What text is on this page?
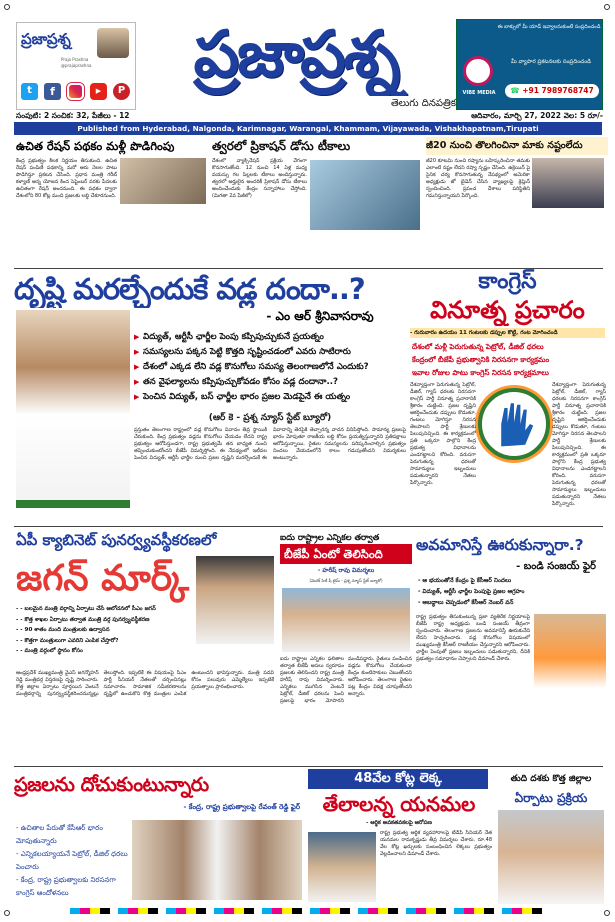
ప్రజాప్రశ్న
Praja Prashna
@prajaprashna
t	f	▶	P	ప్రజాప్రశ్న
తెలుగు దినపత్రిక
ఈ బాక్సులో మీ యాడ్ ఇవ్వాలనుకుంటే సంప్రదించండి
VIBE MEDIA
మీ వ్యాపార ప్రకటనలకు సంప్రదించండి
☎ +91 7989768747
సంపుటి: 2 సంచిక: 32, పేజీలు - 12	ఆదివారం, మార్చి 27, 2022 వెల: 5 రూ/-
Published from Hyderabad, Nalgonda, Karimnagar, Warangal, Khammam, Vijayawada, Vishakhapatnam,Tirupati
ఉచిత రేషన్ పథకం మళ్లీ పొడిగింపు
కేంద్ర ప్రభుత్వం కీలక నిర్ణయం తీసుకుంది. ఉచిత రేషన్ పంపిణీ పథకాన్ని మరో ఆరు నెలల పాటు పొడిగిస్తూ ప్రకటన చేసింది. ప్రధాన మంత్రి గరీబ్ కళ్యాణ్ అన్న యోజన కింద సెప్టెంబర్ వరకు పేదలకు ఉచితంగా రేషన్ అందనుంది. ఈ పథకం ద్వారా దేశంలోని 80 కోట్ల మంది ప్రజలకు లబ్ధి చేకూరనుంది.
త్వరలో ప్రికాషన్ డోసు టీకాలు
దేశంలో వ్యాక్సినేషన్ ప్రక్రియ వేగంగా కొనసాగుతోంది. 12 నుంచి 14 ఏళ్ల మధ్య వయస్సు గల పిల్లలకు టీకాలు అందిస్తున్నారు. త్వరలో అర్హులైన అందరికీ ప్రికాషన్ డోసు టీకాలు అందించేందుకు కేంద్రం సన్నాహాలు చేస్తోంది. (మిగతా 2వ పేజీలో)
జీ20 నుంచి తొలగించినా మాకు నష్టంలేదు
జీ20 కూటమి నుంచి రష్యాను బహిష్కరించినా తమకు ఎలాంటి నష్టం లేదని రష్యా స్పష్టం చేసింది. ఉక్రెయిన్ పై సైనిక చర్య కొనసాగుతున్న నేపథ్యంలో అమెరికా అధ్యక్షుడు జో బైడెన్ చేసిన వ్యాఖ్యలపై క్రెమ్లిన్ స్పందించింది. ప్రపంచ దేశాలు పరిస్థితిని గమనిస్తున్నాయని పేర్కొంది.
దృష్టి మరల్చేందుకే వడ్ల దందా..?
- ఎం ఆర్ శ్రీనివాసరావు
▶ విద్యుత్, ఆర్టీసీ ఛార్జీల పెంపు కప్పిపుచ్చుకునే ప్రయత్నం
▶ సమస్యలను పక్కన పెట్టి కొత్తది సృష్టించడంలో ఎవరు సాటిరారు
▶ దేశంలో ఎక్కడ లేని వడ్ల కొనుగోలు సమస్య తెలంగాణలోనే ఎందుకు?
▶ తన వైఫల్యాలను కప్పిపుచ్చుకోవడం కోసం వడ్ల దందానా..?
▶ పెంచిన విద్యుత్, బస్ ఛార్జీల భారం ప్రజల మెడపైనే ఈ యత్నం
(ఆర్ కె - ప్రశ్న న్యూస్ స్టేట్ బ్యూరో)
ప్రస్తుతం తెలంగాణ రాష్ట్రంలో వడ్ల కొనుగోలు వివాదం తీవ్ర స్థాయికి చేరుకుంది. కేంద్ర ప్రభుత్వం వడ్లను కొనుగోలు చేయడం లేదని రాష్ట్ర ప్రభుత్వం ఆరోపిస్తుండగా, రాష్ట్ర ప్రభుత్వమే తన బాధ్యత నుంచి తప్పించుకుంటోందని బీజేపీ విమర్శిస్తోంది. ఈ నేపథ్యంలో ఇటీవల పెంచిన విద్యుత్, ఆర్టీసీ ఛార్జీల నుంచి ప్రజల దృష్టిని మరల్చేందుకే ఈ వివాదాన్ని తెరపైకి తెచ్చారన్న వాదన వినిపిస్తోంది. సామాన్య ప్రజలపై భారం మోపుతూ రాజకీయ లబ్ధి కోసం ప్రయత్నిస్తున్నారని ప్రతిపక్షాలు ఆరోపిస్తున్నాయి. రైతుల సమస్యలను పరిష్కరించాల్సిన ప్రభుత్వం నిందలు వేయడంలోనే కాలం గడుపుతోందని విమర్శకులు అంటున్నారు.
కాంగ్రెస్
వినూత్న ప్రచారం
- గురువారం ఉదయం 11 గంటలకు డప్పుల కొట్టి, గంట మోగించండి
దేశంలో మళ్లీ పెరుగుతున్న పెట్రోల్, డీజిల్ ధరలు
కేంద్రంలో బీజేపీ ప్రభుత్వానికి నిరసనగా కార్యక్రమం
ఇవాల రోజుల పాటు కాంగ్రెస్ నిరసన కార్యక్రమాలు
దేశవ్యాప్తంగా పెరుగుతున్న పెట్రోల్, డీజిల్, గ్యాస్ ధరలకు నిరసనగా కాంగ్రెస్ పార్టీ వినూత్న ప్రచారానికి శ్రీకారం చుట్టింది. ప్రజల దృష్టిని ఆకర్షించేందుకు డప్పులు కొడుతూ, గంటలు మోగిస్తూ నిరసన తెలపాలని పార్టీ శ్రేణులకు పిలుపునిచ్చింది. ఈ కార్యక్రమంలో ప్రతి ఒక్కరూ పాల్గొని కేంద్ర ప్రభుత్వ విధానాలను ఎండగట్టాలని కోరింది. వరుసగా పెరుగుతున్న ధరలతో సామాన్యులు ఇబ్బందులు పడుతున్నారని నేతలు పేర్కొన్నారు.
దేశవ్యాప్తంగా పెరుగుతున్న పెట్రోల్, డీజిల్, గ్యాస్ ధరలకు నిరసనగా కాంగ్రెస్ పార్టీ వినూత్న ప్రచారానికి శ్రీకారం చుట్టింది. ప్రజల దృష్టిని ఆకర్షించేందుకు డప్పులు కొడుతూ, గంటలు మోగిస్తూ నిరసన తెలపాలని పార్టీ శ్రేణులకు పిలుపునిచ్చింది. ఈ కార్యక్రమంలో ప్రతి ఒక్కరూ పాల్గొని కేంద్ర ప్రభుత్వ విధానాలను ఎండగట్టాలని కోరింది. వరుసగా పెరుగుతున్న ధరలతో సామాన్యులు ఇబ్బందులు పడుతున్నారని నేతలు పేర్కొన్నారు.
ఏపీ క్యాబినెట్ పునర్వ్యవస్థీకరణలో
జగన్ మార్క్
- - బలమైన మంత్రి వర్గాన్ని ఏర్పాటు చేసే ఆలోచనలో సీఎం జగన్
- - కొత్త శాఖల ఏర్పాటు తర్వాత మంత్రి వర్గ పునర్వ్యవస్థీకరణ
- - 90 శాతం మంది మంత్రులకు ఉద్వాసన
- - కొత్తగా మంత్రులుగా ఎవరిని ఎంపిక చేస్తారో?
- - మంత్రి వర్గంలో స్థానం కోసం
ఆంధ్రప్రదేశ్ ముఖ్యమంత్రి వైఎస్ జగన్మోహన్ రెడ్డి మంత్రివర్గ విస్తరణపై దృష్టి సారించారు. కొత్త జిల్లాల ఏర్పాటు పూర్తయిన వెంటనే మంత్రివర్గాన్ని పునర్వ్యవస్థీకరించనున్నట్లు తెలుస్తోంది. ఇప్పటికే ఈ విషయంపై సీఎం పార్టీ సీనియర్ నేతలతో చర్చించినట్లు సమాచారం. సామాజిక సమీకరణాలను దృష్టిలో ఉంచుకొని కొత్త మంత్రుల ఎంపిక ఉంటుందని భావిస్తున్నారు. మంత్రి పదవి కోసం పలువురు ఎమ్మెల్యేలు ఇప్పటికే ప్రయత్నాలు ప్రారంభించారు.
ఐదు రాష్ట్రాల ఎన్నికల తర్వాత
బీజేపీ ఏంటో తెలిసింది
- హరీష్ రావు విమర్శలు
(మెదక్ సిటీ షీ టైమ్ - ప్రశ్న న్యూస్ స్టేట్ బ్యూరో)
ఐదు రాష్ట్రాల ఎన్నికల ఫలితాల తర్వాత బీజేపీ అసలు స్వరూపం ప్రజలకు తెలిసిందని రాష్ట్ర మంత్రి హరీష్ రావు విమర్శించారు. ఎన్నికలు ముగిసిన వెంటనే పెట్రోల్, డీజిల్ ధరలను పెంచి ప్రజలపై భారం మోపారని మండిపడ్డారు. రైతులు పండించిన వడ్లను కొనుగోలు చేయకుండా కేంద్రం కుంటిసాకులు చెబుతోందని ఆరోపించారు. తెలంగాణ రైతుల పట్ల కేంద్రం వివక్ష చూపుతోందని అన్నారు.
అవమానిస్తే ఊరుకున్నారా.?
- బండి సంజయ్ ఫైర్
- ఆ భయంతోనే కేంద్రం పై కేసీఆర్ నిందలు
- విద్యుత్, ఆర్టీసీ ఛార్జీల పెంపుపై ప్రజల ఆగ్రహం
- అబద్ధాలు చెప్పడంలో కేసీఆర్ నెంబర్ వన్
రాష్ట్ర ప్రభుత్వం తీసుకుంటున్న ప్రజా వ్యతిరేక నిర్ణయాలపై బీజేపీ రాష్ట్ర అధ్యక్షుడు బండి సంజయ్ తీవ్రంగా స్పందించారు. తెలంగాణ ప్రజలను అవమానిస్తే ఊరుకునేది లేదని హెచ్చరించారు. వడ్ల కొనుగోలు విషయంలో ముఖ్యమంత్రి కేసీఆర్ రాజకీయం చేస్తున్నారని ఆరోపించారు. ఛార్జీల పెంపుతో ప్రజలు ఇబ్బందులు పడుతున్నారని, దీనికి ప్రభుత్వం సమాధానం చెప్పాలని డిమాండ్ చేశారు.
ప్రజలను దోచుకుంటున్నారు
- కేంద్ర, రాష్ట్ర ప్రభుత్వాలపై రేవంత్ రెడ్డి ఫైర్
- ఉచితాల పేరుతో కేసీఆర్ భారం మోపుతున్నారు
- ఎన్నికలయ్యాయనే పెట్రోల్, డీజిల్ ధరలు పెంచారు
- కేంద్ర, రాష్ట్ర ప్రభుత్వాలకు నిరసనగా కాంగ్రెస్ ఆందోళనలు
48వేల కోట్ల లెక్క
తేలాలన్న యనమల
- ఆర్థిక అవకతవకలపై ఆరోపణ
రాష్ట్ర ప్రభుత్వ ఆర్థిక వ్యవహారాలపై టీడీపీ సీనియర్ నేత యనమల రామకృష్ణుడు తీవ్ర విమర్శలు చేశారు. రూ.48 వేల కోట్ల ఖర్చులకు సంబంధించిన లెక్కలు ప్రభుత్వం వెల్లడించాలని డిమాండ్ చేశారు.
తుది దశకు కొత్త జిల్లాల
ఏర్పాటు ప్రక్రియ
